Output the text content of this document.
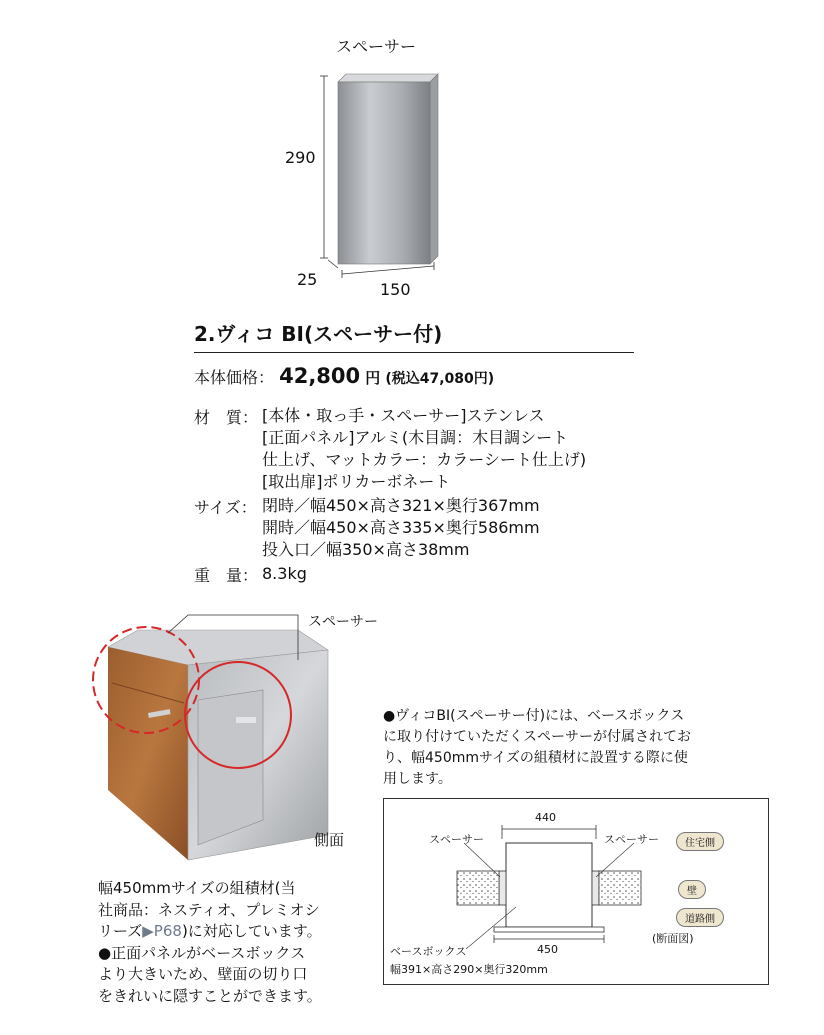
スペーサー
290
25
150
2.ヴィコ BI(スペーサー付)
本体価格： 42,800 円 (税込47,080円)
材　質： [本体・取っ手・スペーサー]ステンレス
[正面パネル]アルミ(木目調：木目調シート
仕上げ、マットカラー：カラーシート仕上げ)
[取出扉]ポリカーボネート
サイズ： 閉時／幅450×高さ321×奥行367mm
開時／幅450×高さ335×奥行586mm
投入口／幅350×高さ38mm
重　量： 8.3kg
スペーサー
側面
幅450mmサイズの組積材(当
社商品：ネスティオ、プレミオシ
リーズ▶P68)に対応しています。
●正面パネルがベースボックス
より大きいため、壁面の切り口
をきれいに隠すことができます。
●ヴィコBI(スペーサー付)には、ベースボックス
に取り付けていただくスペーサーが付属されてお
り、幅450mmサイズの組積材に設置する際に使
用します。
440
スペーサー	スペーサー
ベースボックス	450
幅391×高さ290×奥行320mm
住宅側
壁
道路側
(断面図)
